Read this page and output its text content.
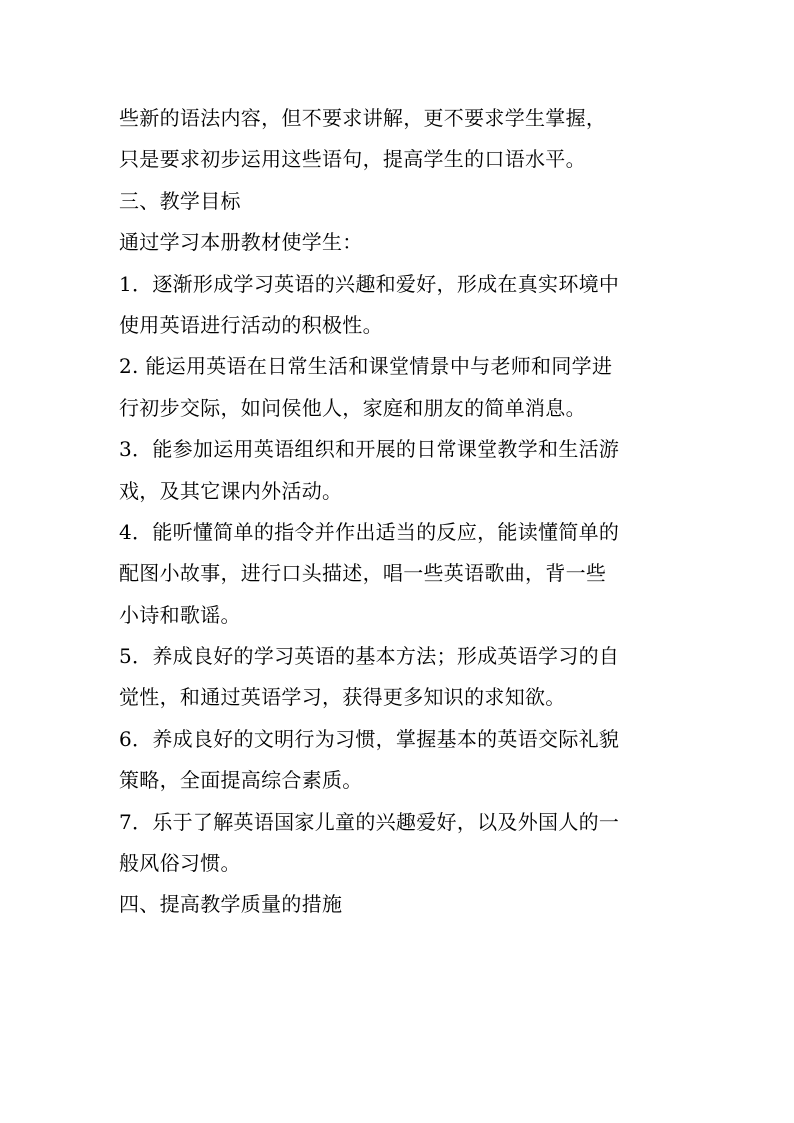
些新的语法内容，但不要求讲解，更不要求学生掌握，
只是要求初步运用这些语句，提高学生的口语水平。
三、教学目标
通过学习本册教材使学生：
1．逐渐形成学习英语的兴趣和爱好，形成在真实环境中
使用英语进行活动的积极性。
2. 能运用英语在日常生活和课堂情景中与老师和同学进
行初步交际，如问侯他人，家庭和朋友的简单消息。
3．能参加运用英语组织和开展的日常课堂教学和生活游
戏，及其它课内外活动。
4．能听懂简单的指令并作出适当的反应，能读懂简单的
配图小故事，进行口头描述，唱一些英语歌曲，背一些
小诗和歌谣。
5．养成良好的学习英语的基本方法；形成英语学习的自
觉性，和通过英语学习，获得更多知识的求知欲。
6．养成良好的文明行为习惯，掌握基本的英语交际礼貌
策略，全面提高综合素质。
7．乐于了解英语国家儿童的兴趣爱好，以及外国人的一
般风俗习惯。
四、提高教学质量的措施
